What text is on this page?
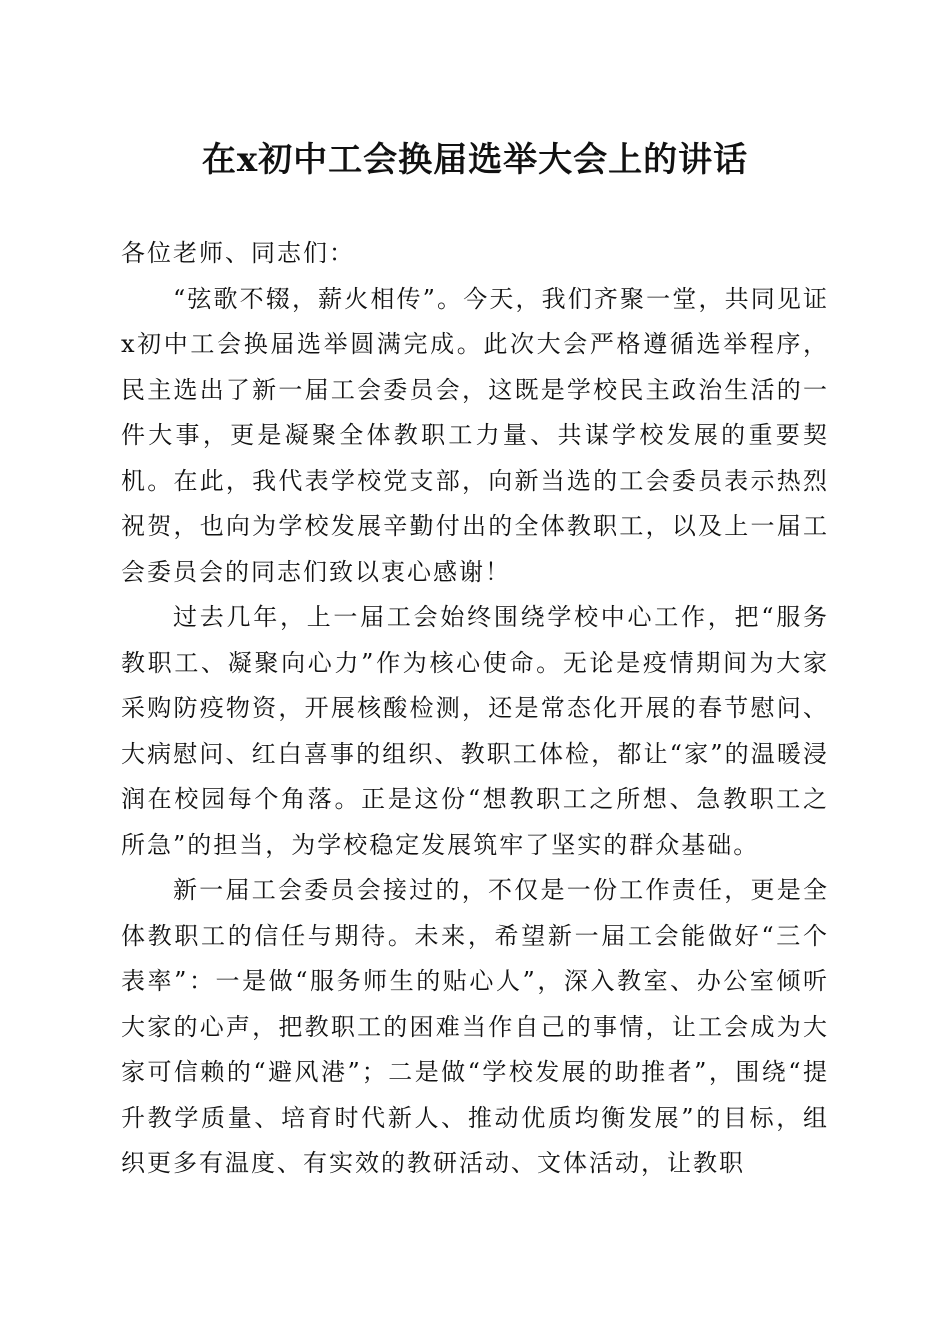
在x初中工会换届选举大会上的讲话

各位老师、同志们：

“弦歌不辍，薪火相传”。今天，我们齐聚一堂，共同见证x初中工会换届选举圆满完成。此次大会严格遵循选举程序，民主选出了新一届工会委员会，这既是学校民主政治生活的一件大事，更是凝聚全体教职工力量、共谋学校发展的重要契机。在此，我代表学校党支部，向新当选的工会委员表示热烈祝贺，也向为学校发展辛勤付出的全体教职工，以及上一届工会委员会的同志们致以衷心感谢！

过去几年，上一届工会始终围绕学校中心工作，把“服务教职工、凝聚向心力”作为核心使命。无论是疫情期间为大家采购防疫物资，开展核酸检测，还是常态化开展的春节慰问、大病慰问、红白喜事的组织、教职工体检，都让“家”的温暖浸润在校园每个角落。正是这份“想教职工之所想、急教职工之所急”的担当，为学校稳定发展筑牢了坚实的群众基础。

新一届工会委员会接过的，不仅是一份工作责任，更是全体教职工的信任与期待。未来，希望新一届工会能做好“三个表率”：一是做“服务师生的贴心人”，深入教室、办公室倾听大家的心声，把教职工的困难当作自己的事情，让工会成为大家可信赖的“避风港”；二是做“学校发展的助推者”，围绕“提升教学质量、培育时代新人、推动优质均衡发展”的目标，组织更多有温度、有实效的教研活动、文体活动，让教职
